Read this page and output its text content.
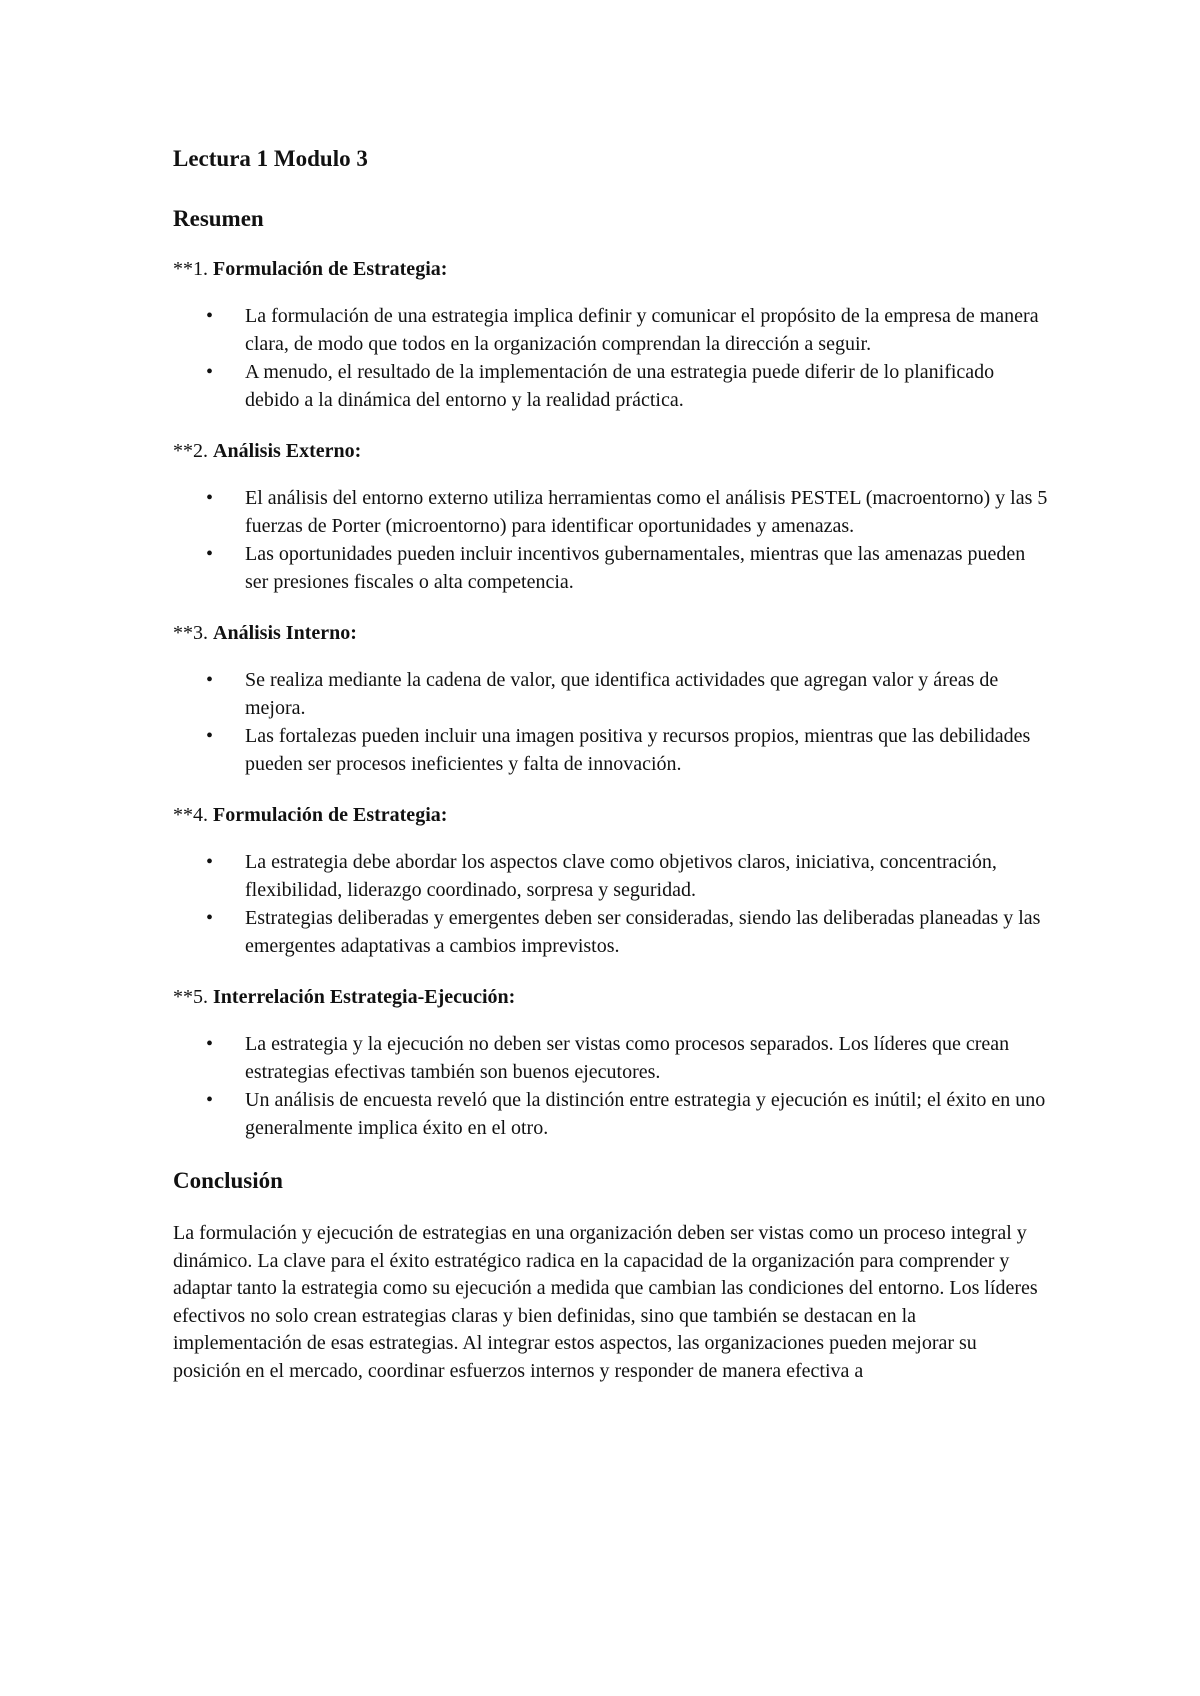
Lectura 1 Modulo 3
Resumen

**1. Formulación de Estrategia:

• La formulación de una estrategia implica definir y comunicar el propósito de la empresa de manera clara, de modo que todos en la organización comprendan la dirección a seguir.
• A menudo, el resultado de la implementación de una estrategia puede diferir de lo planificado debido a la dinámica del entorno y la realidad práctica.

**2. Análisis Externo:

• El análisis del entorno externo utiliza herramientas como el análisis PESTEL (macroentorno) y las 5 fuerzas de Porter (microentorno) para identificar oportunidades y amenazas.
• Las oportunidades pueden incluir incentivos gubernamentales, mientras que las amenazas pueden ser presiones fiscales o alta competencia.

**3. Análisis Interno:

• Se realiza mediante la cadena de valor, que identifica actividades que agregan valor y áreas de mejora.
• Las fortalezas pueden incluir una imagen positiva y recursos propios, mientras que las debilidades pueden ser procesos ineficientes y falta de innovación.

**4. Formulación de Estrategia:

• La estrategia debe abordar los aspectos clave como objetivos claros, iniciativa, concentración, flexibilidad, liderazgo coordinado, sorpresa y seguridad.
• Estrategias deliberadas y emergentes deben ser consideradas, siendo las deliberadas planeadas y las emergentes adaptativas a cambios imprevistos.

**5. Interrelación Estrategia-Ejecución:

• La estrategia y la ejecución no deben ser vistas como procesos separados. Los líderes que crean estrategias efectivas también son buenos ejecutores.
• Un análisis de encuesta reveló que la distinción entre estrategia y ejecución es inútil; el éxito en uno generalmente implica éxito en el otro.
Conclusión

La formulación y ejecución de estrategias en una organización deben ser vistas como un proceso integral y dinámico. La clave para el éxito estratégico radica en la capacidad de la organización para comprender y adaptar tanto la estrategia como su ejecución a medida que cambian las condiciones del entorno. Los líderes efectivos no solo crean estrategias claras y bien definidas, sino que también se destacan en la implementación de esas estrategias. Al integrar estos aspectos, las organizaciones pueden mejorar su posición en el mercado, coordinar esfuerzos internos y responder de manera efectiva a
